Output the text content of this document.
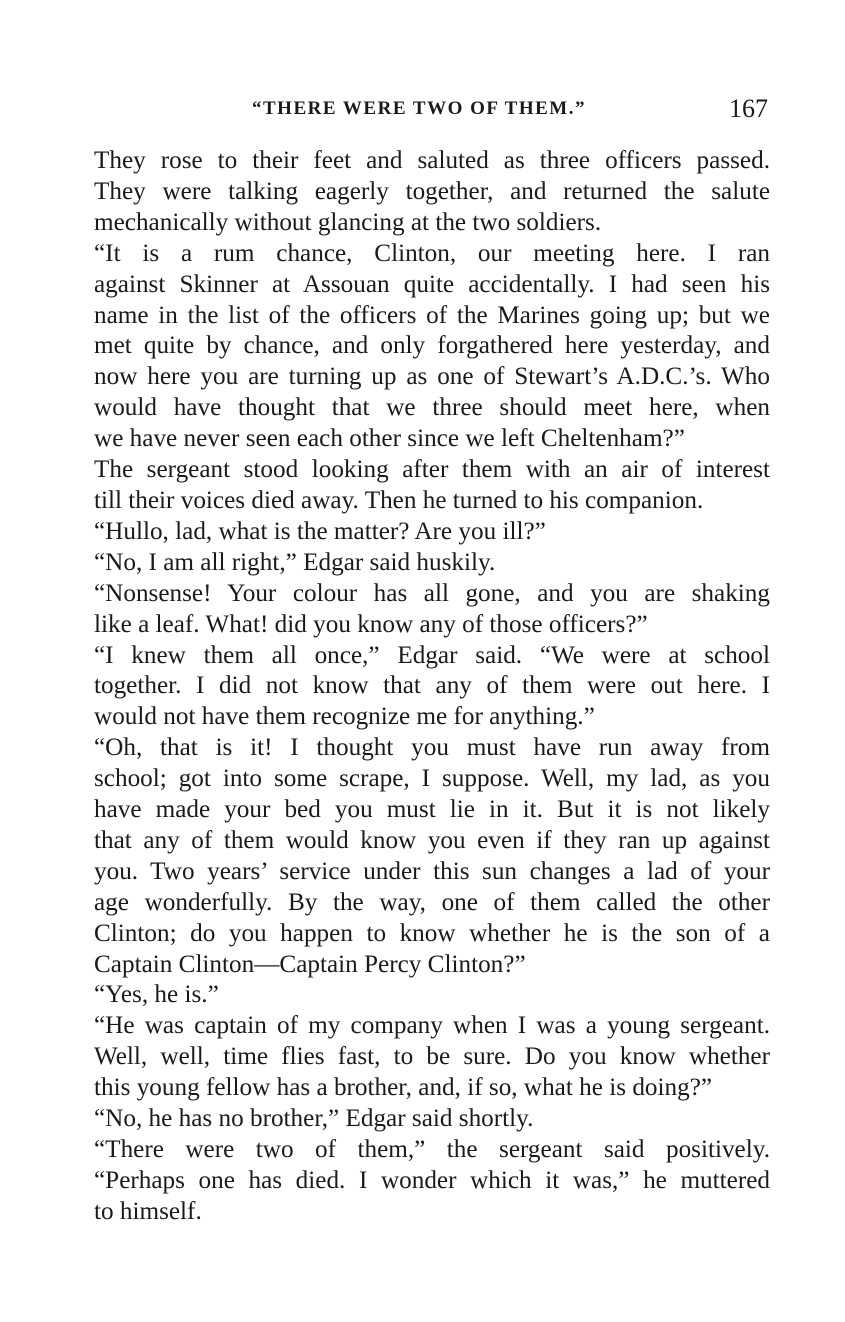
“THERE WERE TWO OF THEM.”	167

They rose to their feet and saluted as three officers passed.
They were talking eagerly together, and returned the salute
mechanically without glancing at the two soldiers.

“It is a rum chance, Clinton, our meeting here. I ran
against Skinner at Assouan quite accidentally. I had seen his
name in the list of the officers of the Marines going up; but we
met quite by chance, and only forgathered here yesterday, and
now here you are turning up as one of Stewart’s A.D.C.’s. Who
would have thought that we three should meet here, when
we have never seen each other since we left Cheltenham?”

The sergeant stood looking after them with an air of interest
till their voices died away. Then he turned to his companion.

“Hullo, lad, what is the matter? Are you ill?”

“No, I am all right,” Edgar said huskily.

“Nonsense! Your colour has all gone, and you are shaking
like a leaf. What! did you know any of those officers?”

“I knew them all once,” Edgar said. “We were at school
together. I did not know that any of them were out here. I
would not have them recognize me for anything.”

“Oh, that is it! I thought you must have run away from
school; got into some scrape, I suppose. Well, my lad, as you
have made your bed you must lie in it. But it is not likely
that any of them would know you even if they ran up against
you. Two years’ service under this sun changes a lad of your
age wonderfully. By the way, one of them called the other
Clinton; do you happen to know whether he is the son of a
Captain Clinton—Captain Percy Clinton?”

“Yes, he is.”

“He was captain of my company when I was a young sergeant.
Well, well, time flies fast, to be sure. Do you know whether
this young fellow has a brother, and, if so, what he is doing?”

“No, he has no brother,” Edgar said shortly.

“There were two of them,” the sergeant said positively.
“Perhaps one has died. I wonder which it was,” he muttered
to himself.
